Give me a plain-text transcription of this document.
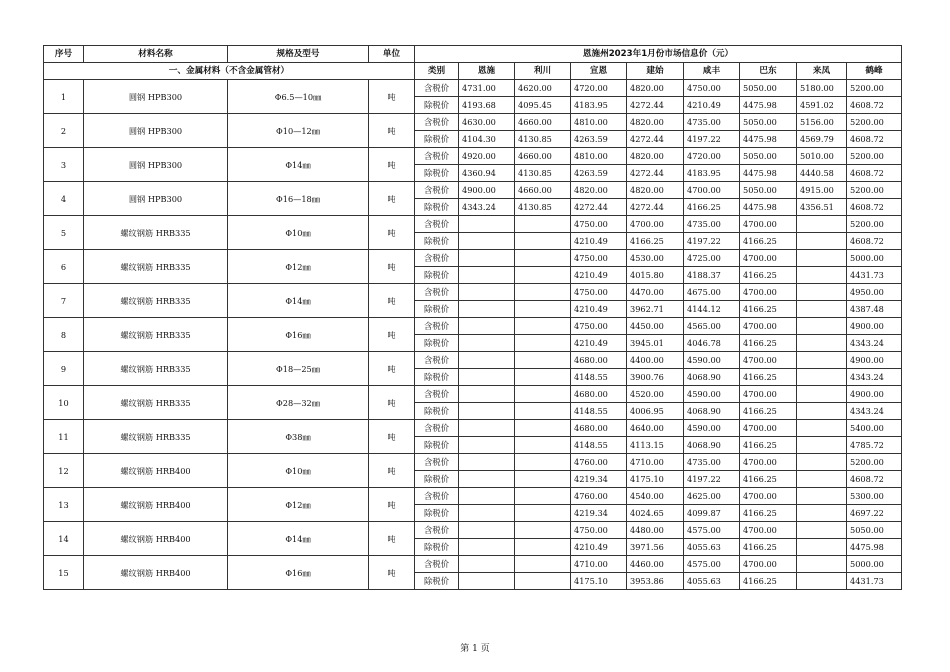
序号	材料名称	规格及型号	单位	恩施州2023年1月份市场信息价（元）								
一、金属材料（不含金属管材）				类别	恩施	利川	宣恩	建始	咸丰	巴东	来凤	鹤峰
1	圆钢 HPB300	Φ6.5—10㎜	吨	含税价	4731.00	4620.00	4720.00	4820.00	4750.00	5050.00	5180.00	5200.00
				除税价	4193.68	4095.45	4183.95	4272.44	4210.49	4475.98	4591.02	4608.72
2	圆钢 HPB300	Φ10—12㎜	吨	含税价	4630.00	4660.00	4810.00	4820.00	4735.00	5050.00	5156.00	5200.00
				除税价	4104.30	4130.85	4263.59	4272.44	4197.22	4475.98	4569.79	4608.72
3	圆钢 HPB300	Φ14㎜	吨	含税价	4920.00	4660.00	4810.00	4820.00	4720.00	5050.00	5010.00	5200.00
				除税价	4360.94	4130.85	4263.59	4272.44	4183.95	4475.98	4440.58	4608.72
4	圆钢 HPB300	Φ16—18㎜	吨	含税价	4900.00	4660.00	4820.00	4820.00	4700.00	5050.00	4915.00	5200.00
				除税价	4343.24	4130.85	4272.44	4272.44	4166.25	4475.98	4356.51	4608.72
5	螺纹钢筋 HRB335	Φ10㎜	吨	含税价			4750.00	4700.00	4735.00	4700.00		5200.00
				除税价			4210.49	4166.25	4197.22	4166.25		4608.72
6	螺纹钢筋 HRB335	Φ12㎜	吨	含税价			4750.00	4530.00	4725.00	4700.00		5000.00
				除税价			4210.49	4015.80	4188.37	4166.25		4431.73
7	螺纹钢筋 HRB335	Φ14㎜	吨	含税价			4750.00	4470.00	4675.00	4700.00		4950.00
				除税价			4210.49	3962.71	4144.12	4166.25		4387.48
8	螺纹钢筋 HRB335	Φ16㎜	吨	含税价			4750.00	4450.00	4565.00	4700.00		4900.00
				除税价			4210.49	3945.01	4046.78	4166.25		4343.24
9	螺纹钢筋 HRB335	Φ18—25㎜	吨	含税价			4680.00	4400.00	4590.00	4700.00		4900.00
				除税价			4148.55	3900.76	4068.90	4166.25		4343.24
10	螺纹钢筋 HRB335	Φ28—32㎜	吨	含税价			4680.00	4520.00	4590.00	4700.00		4900.00
				除税价			4148.55	4006.95	4068.90	4166.25		4343.24
11	螺纹钢筋 HRB335	Φ38㎜	吨	含税价			4680.00	4640.00	4590.00	4700.00		5400.00
				除税价			4148.55	4113.15	4068.90	4166.25		4785.72
12	螺纹钢筋 HRB400	Φ10㎜	吨	含税价			4760.00	4710.00	4735.00	4700.00		5200.00
				除税价			4219.34	4175.10	4197.22	4166.25		4608.72
13	螺纹钢筋 HRB400	Φ12㎜	吨	含税价			4760.00	4540.00	4625.00	4700.00		5300.00
				除税价			4219.34	4024.65	4099.87	4166.25		4697.22
14	螺纹钢筋 HRB400	Φ14㎜	吨	含税价			4750.00	4480.00	4575.00	4700.00		5050.00
				除税价			4210.49	3971.56	4055.63	4166.25		4475.98
15	螺纹钢筋 HRB400	Φ16㎜	吨	含税价			4710.00	4460.00	4575.00	4700.00		5000.00
				除税价			4175.10	3953.86	4055.63	4166.25		4431.73
第 1 页
